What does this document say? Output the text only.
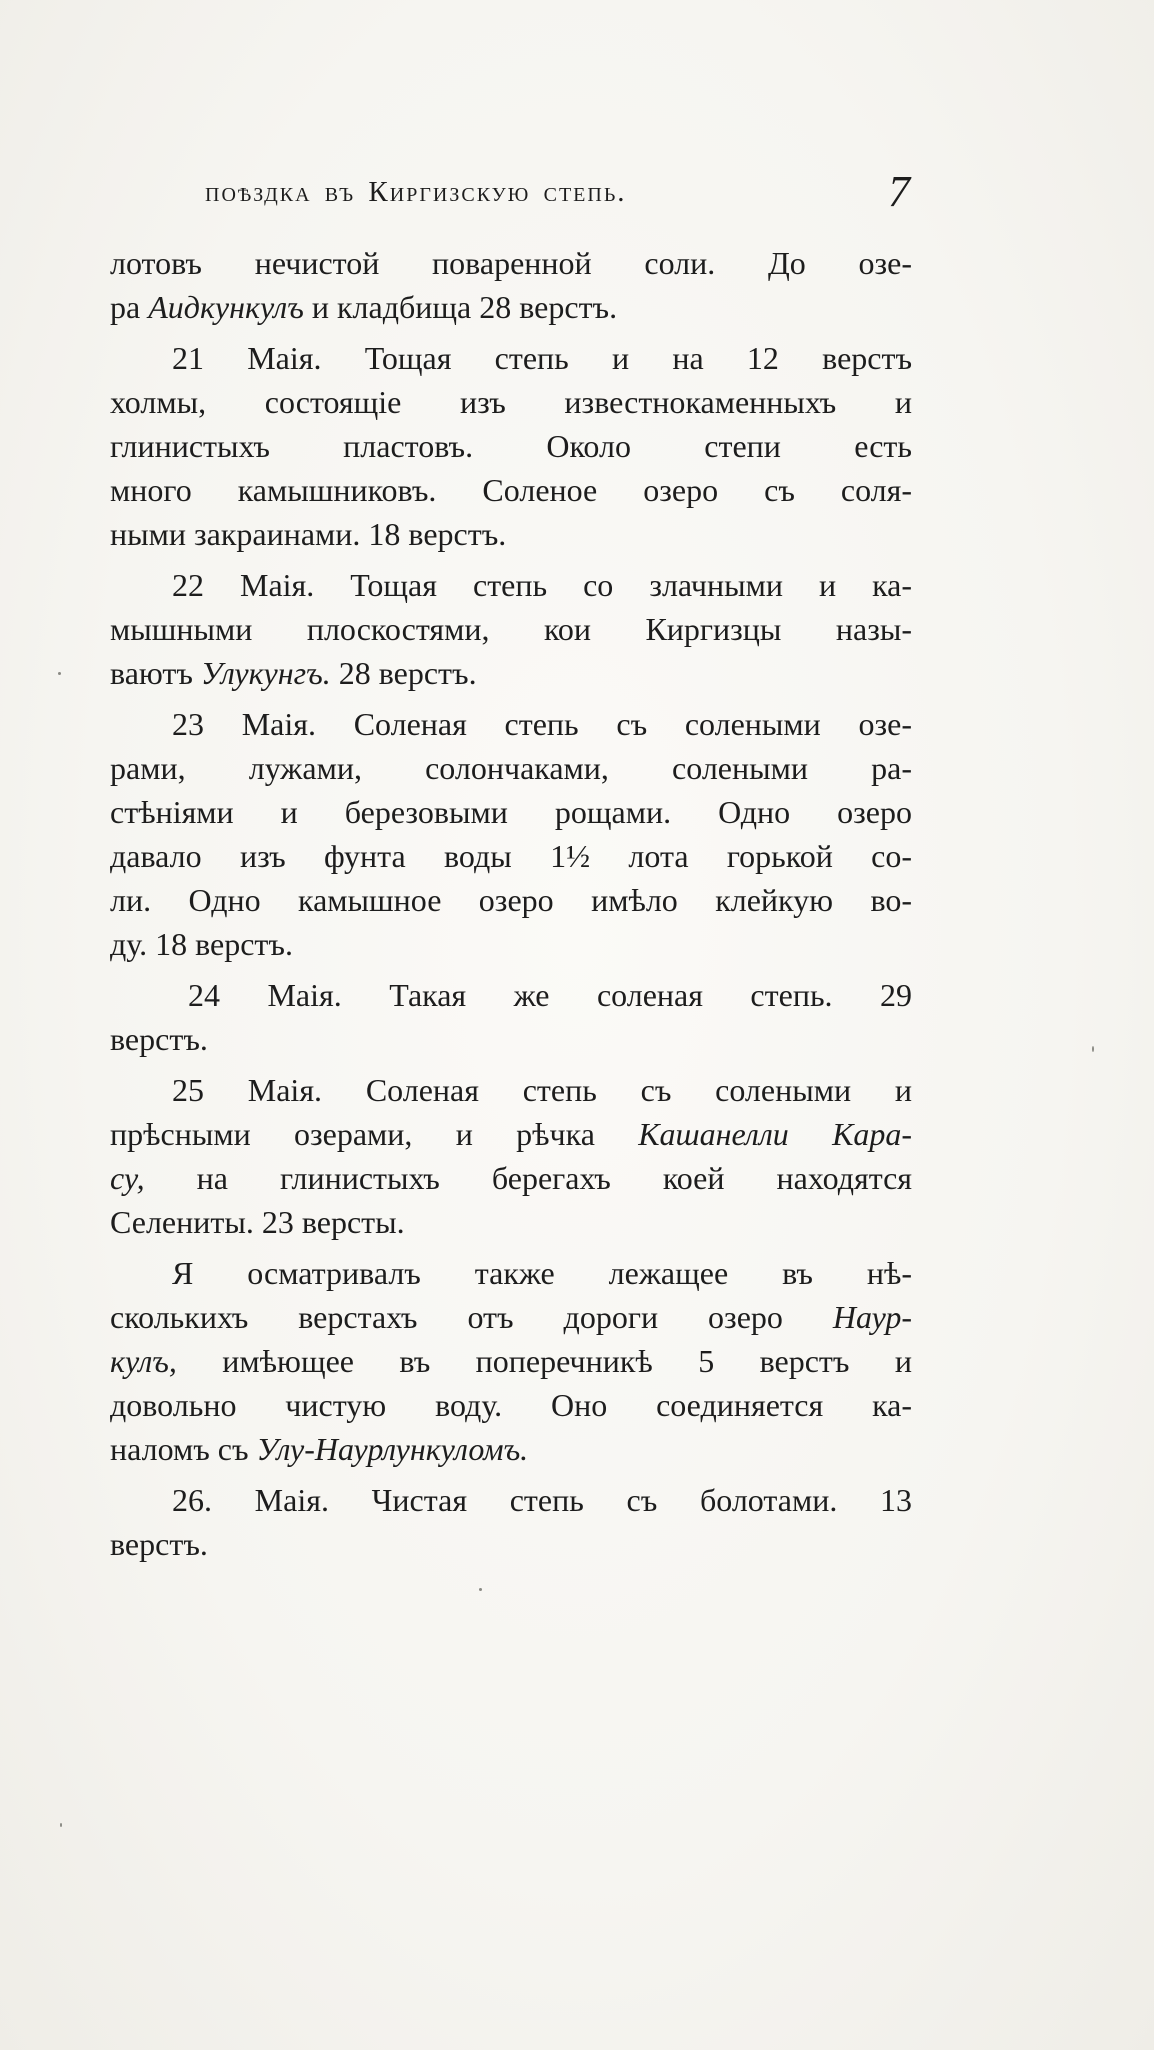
поѣздка въ Киргизскую степь.	7
лотовъ нечистой поваренной соли. До озе-
ра Аидкункулъ и кладбища 28 верстъ.
21 Маія. Тощая степь и на 12 верстъ
холмы, состоящіе изъ известнокаменныхъ и
глинистыхъ пластовъ. Около степи есть
много камышниковъ. Соленое озеро съ соля-
ными закраинами. 18 верстъ.
22 Маія. Тощая степь со злачными и ка-
мышными плоскостями, кои Киргизцы назы-
ваютъ Улукунгъ. 28 верстъ.
23 Маія. Соленая степь съ солеными озе-
рами, лужами, солончаками, солеными ра-
стѣніями и березовыми рощами. Одно озеро
давало изъ фунта воды 1½ лота горькой со-
ли. Одно камышное озеро имѣло клейкую во-
ду. 18 верстъ.
24 Маія. Такая же соленая степь. 29
верстъ.
25 Маія. Соленая степь съ солеными и
прѣсными озерами, и рѣчка Кашанелли Кара-
су, на глинистыхъ берегахъ коей находятся
Селениты. 23 версты.
Я осматривалъ также лежащее въ нѣ-
сколькихъ верстахъ отъ дороги озеро Наур-
кулъ, имѣющее въ поперечникѣ 5 верстъ и
довольно чистую воду. Оно соединяется ка-
наломъ съ Улу-Наурлункуломъ.
26. Маія. Чистая степь съ болотами. 13
верстъ.
